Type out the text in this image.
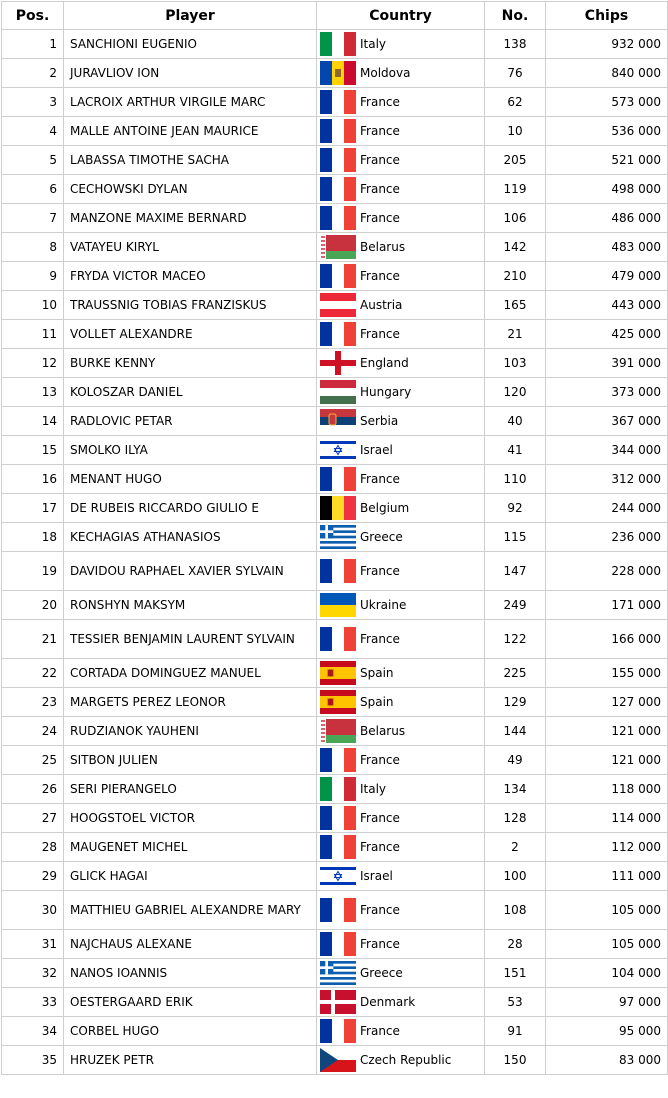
Pos.	Player	Country	No.	Chips
1	SANCHIONI EUGENIO	Italy	138	932 000
2	JURAVLIOV ION	Moldova	76	840 000
3	LACROIX ARTHUR VIRGILE MARC	France	62	573 000
4	MALLE ANTOINE JEAN MAURICE	France	10	536 000
5	LABASSA TIMOTHE SACHA	France	205	521 000
6	CECHOWSKI DYLAN	France	119	498 000
7	MANZONE MAXIME BERNARD	France	106	486 000
8	VATAYEU KIRYL	Belarus	142	483 000
9	FRYDA VICTOR MACEO	France	210	479 000
10	TRAUSSNIG TOBIAS FRANZISKUS	Austria	165	443 000
11	VOLLET ALEXANDRE	France	21	425 000
12	BURKE KENNY	England	103	391 000
13	KOLOSZAR DANIEL	Hungary	120	373 000
14	RADLOVIC PETAR	Serbia	40	367 000
15	SMOLKO ILYA	Israel	41	344 000
16	MENANT HUGO	France	110	312 000
17	DE RUBEIS RICCARDO GIULIO E	Belgium	92	244 000
18	KECHAGIAS ATHANASIOS	Greece	115	236 000
19	DAVIDOU RAPHAEL XAVIER SYLVAIN	France	147	228 000
20	RONSHYN MAKSYM	Ukraine	249	171 000
21	TESSIER BENJAMIN LAURENT SYLVAIN	France	122	166 000
22	CORTADA DOMINGUEZ MANUEL	Spain	225	155 000
23	MARGETS PEREZ LEONOR	Spain	129	127 000
24	RUDZIANOK YAUHENI	Belarus	144	121 000
25	SITBON JULIEN	France	49	121 000
26	SERI PIERANGELO	Italy	134	118 000
27	HOOGSTOEL VICTOR	France	128	114 000
28	MAUGENET MICHEL	France	2	112 000
29	GLICK HAGAI	Israel	100	111 000
30	MATTHIEU GABRIEL ALEXANDRE MARY	France	108	105 000
31	NAJCHAUS ALEXANE	France	28	105 000
32	NANOS IOANNIS	Greece	151	104 000
33	OESTERGAARD ERIK	Denmark	53	97 000
34	CORBEL HUGO	France	91	95 000
35	HRUZEK PETR	Czech Republic	150	83 000
